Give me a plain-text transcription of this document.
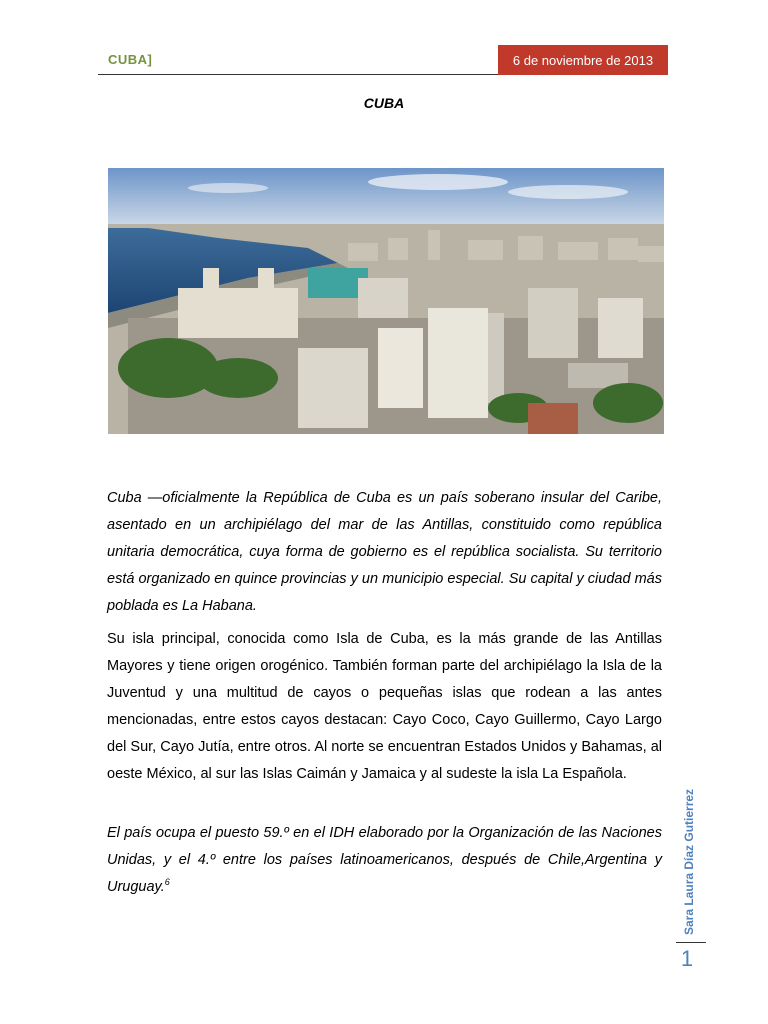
CUBA]	6 de noviembre de 2013
CUBA

Cuba —oficialmente la República de Cuba es un país soberano insular del Caribe, asentado en un archipiélago del mar de las Antillas, constituido como república unitaria democrática, cuya forma de gobierno es el república socialista. Su territorio está organizado en quince provincias y un municipio especial. Su capital y ciudad más poblada es La Habana.

Su isla principal, conocida como Isla de Cuba, es la más grande de las Antillas Mayores y tiene origen orogénico. También forman parte del archipiélago la Isla de la Juventud y una multitud de cayos o pequeñas islas que rodean a las antes mencionadas, entre estos cayos destacan: Cayo Coco, Cayo Guillermo, Cayo Largo del Sur, Cayo Jutía, entre otros. Al norte se encuentran Estados Unidos y Bahamas, al oeste México, al sur las Islas Caimán y Jamaica y al sudeste la isla La Española.

El país ocupa el puesto 59.º en el IDH elaborado por la Organización de las Naciones Unidas, y el 4.º entre los países latinoamericanos, después de Chile,Argentina y Uruguay.$^6$	Sara Laura Díaz Gutierrez
1
